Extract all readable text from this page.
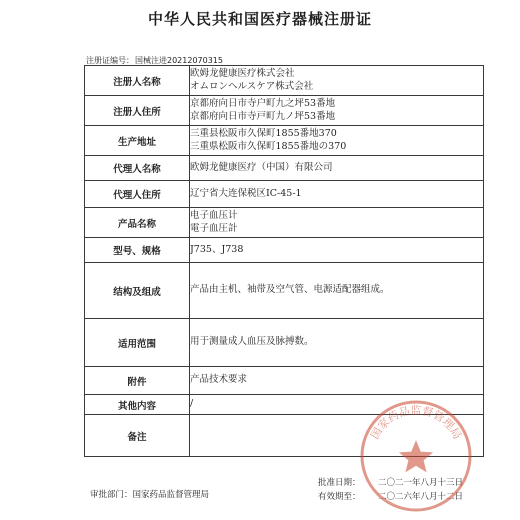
中华人民共和国医疗器械注册证
注册证编号：国械注进20212070315
注册人名称	欧姆龙健康医疗株式会社
オムロンヘルスケア株式会社

注册人住所	京都府向日市寺户町九之坪53番地
京都府向日市寺戸町九ノ坪53番地

生产地址	三重县松阪市久保町1855番地370
三重県松阪市久保町1855番地の370

代理人名称	欧姆龙健康医疗（中国）有限公司

代理人住所	辽宁省大连保税区IC-45-1

产品名称	电子血压计
電子血圧計

型号、规格	J735、J738

结构及组成	产品由主机、袖带及空气管、电源适配器组成。

适用范围	用于测量成人血压及脉搏数。

附件	产品技术要求

其他内容	/

备注	
审批部门：国家药品监督管理局
批准日期： 二〇二一年八月十三日
有效期至： 二〇二六年八月十二日
国家药品监督管理局
